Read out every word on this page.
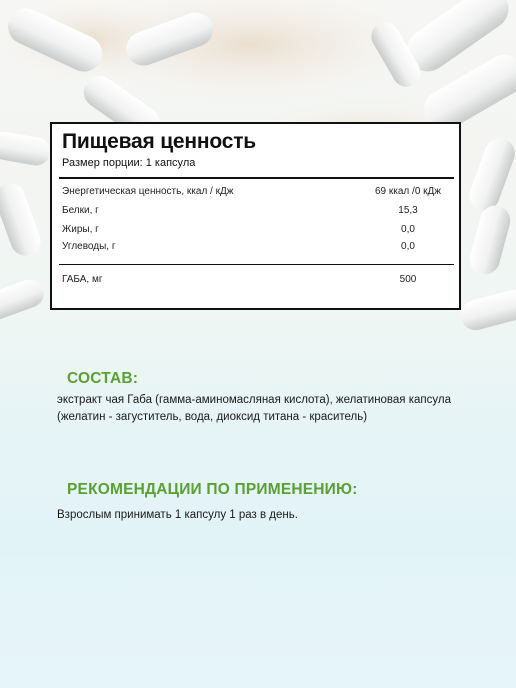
Пищевая ценность
Размер порции: 1 капсула
Энергетическая ценность, ккал / кДж	69 ккал /0 кДж
Белки, г	15,3
Жиры, г	0,0
Углеводы, г	0,0
ГАБА, мг	500
СОСТАВ:
экстракт чая Габа (гамма-аминомасляная кислота), желатиновая капсула (желатин - загуститель, вода, диоксид титана - краситель)
РЕКОМЕНДАЦИИ ПО ПРИМЕНЕНИЮ:
Взрослым принимать 1 капсулу 1 раз в день.
